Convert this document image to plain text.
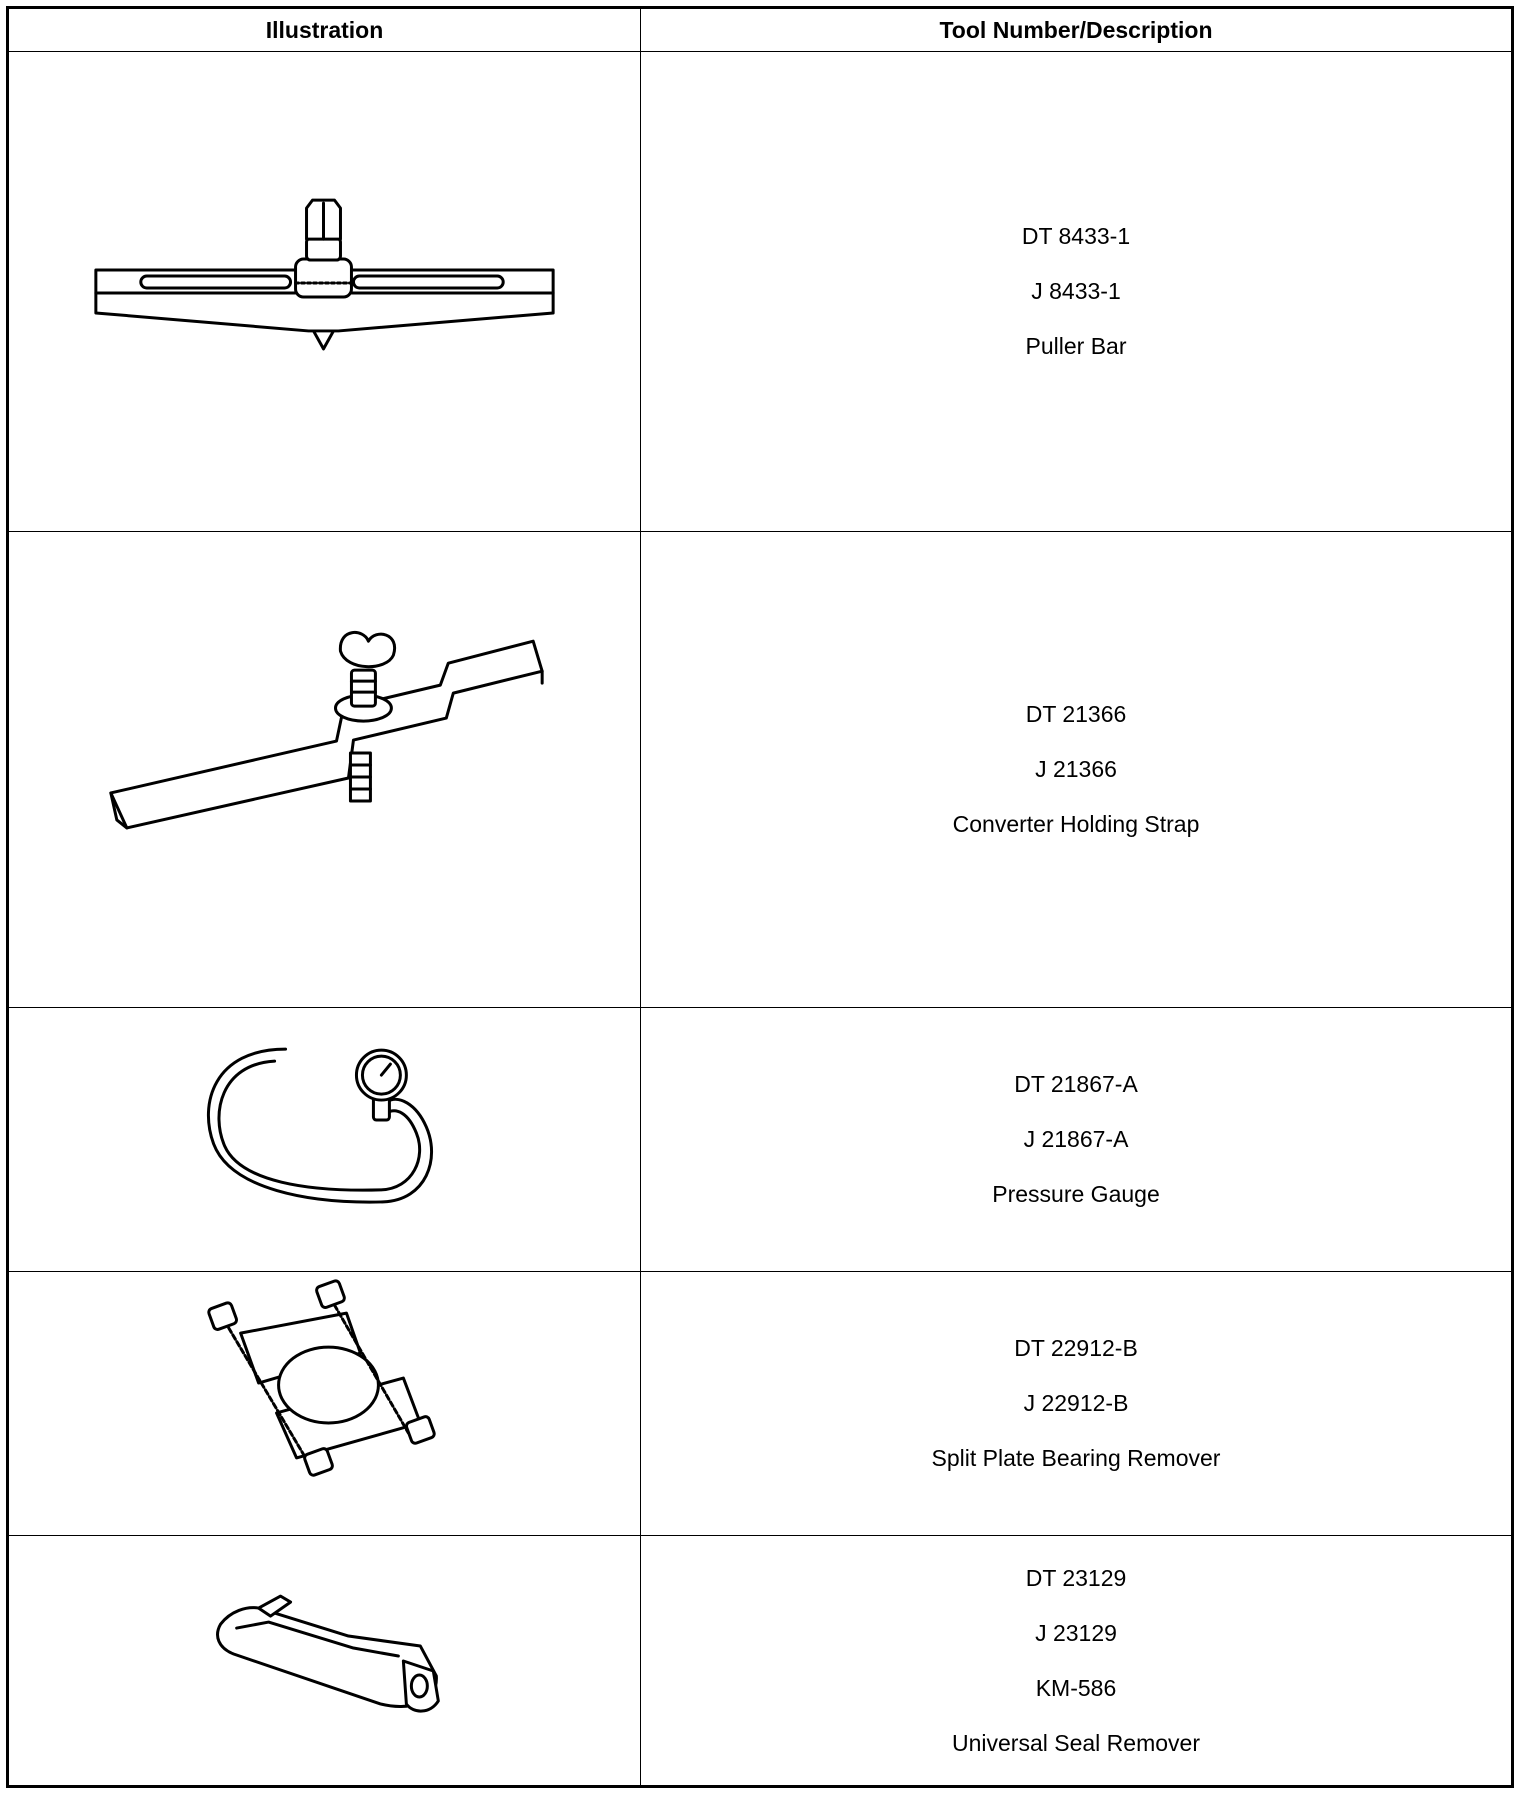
Illustration	Tool Number/Description
DT 8433-1
J 8433-1
Puller Bar
DT 21366
J 21366
Converter Holding Strap
DT 21867-A
J 21867-A
Pressure Gauge
DT 22912-B
J 22912-B
Split Plate Bearing Remover
DT 23129
J 23129
KM-586
Universal Seal Remover
